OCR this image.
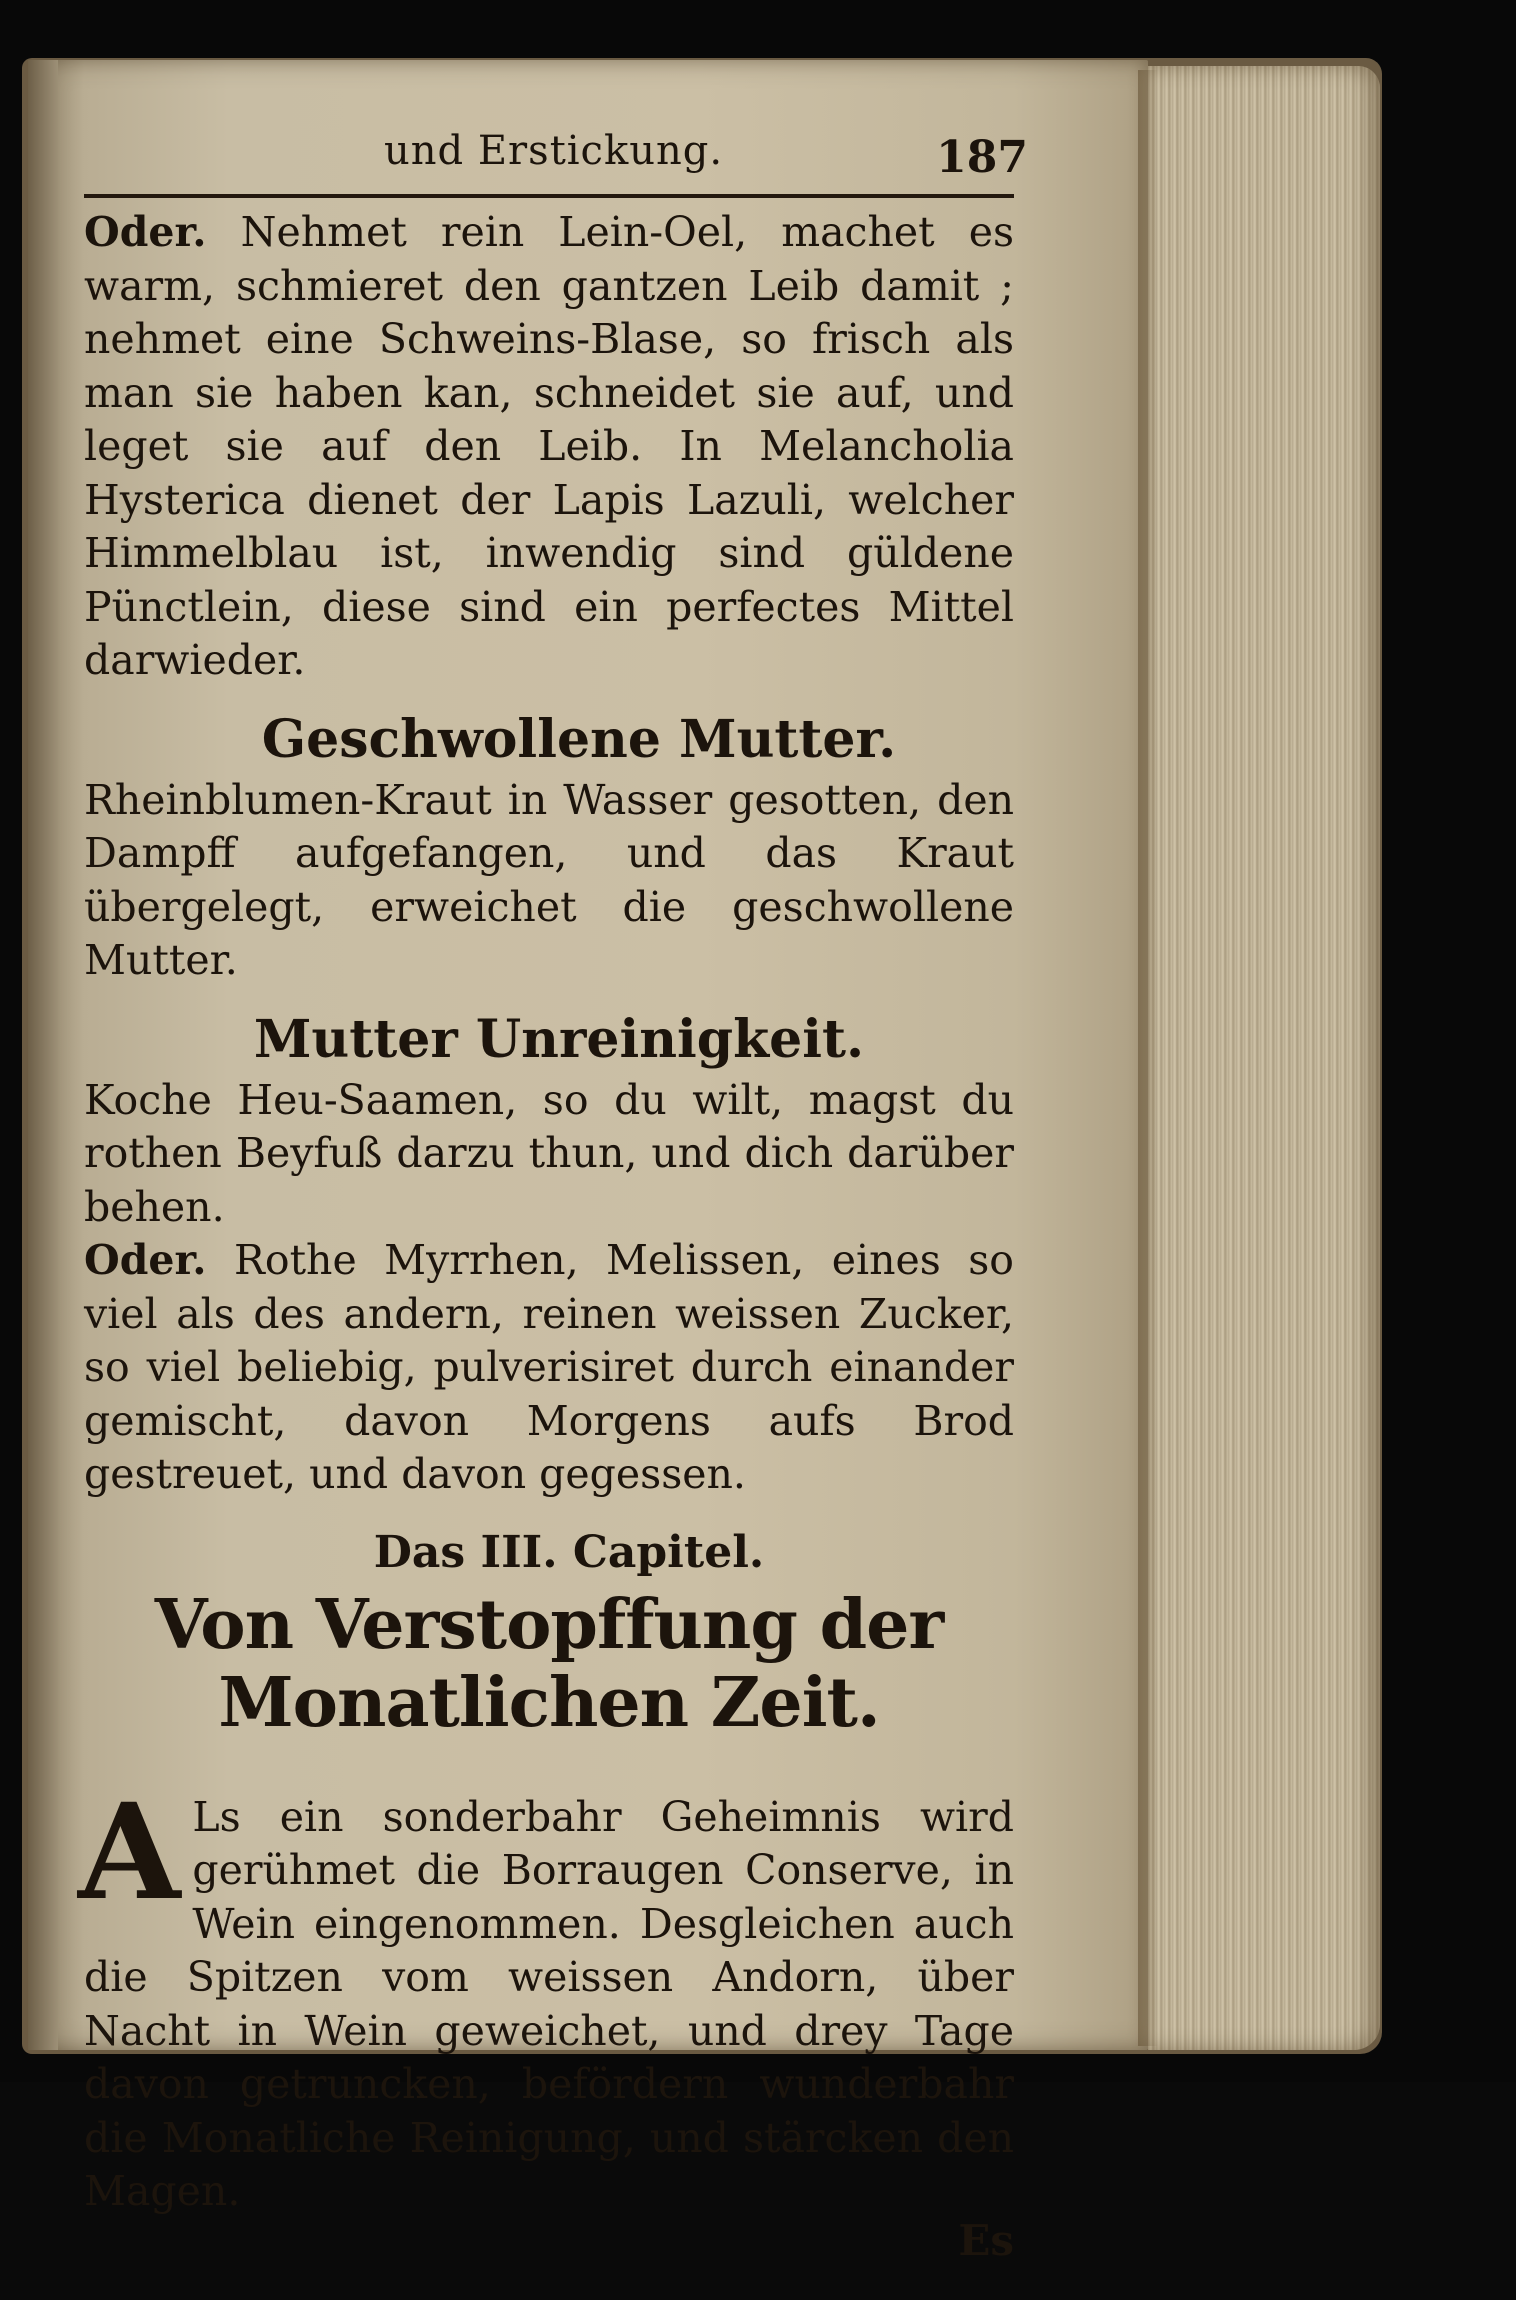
und Erstickung.	187

Oder. Nehmet rein Lein-Oel, machet es warm, schmieret den gantzen Leib damit ; nehmet eine Schweins-Blase, so frisch als man sie haben kan, schneidet sie auf, und leget sie auf den Leib. In Melancholia Hysterica dienet der Lapis Lazuli, welcher Himmelblau ist, inwendig sind güldene Pünctlein, diese sind ein perfectes Mittel darwieder.

Geschwollene Mutter.

Rheinblumen-Kraut in Wasser gesotten, den Dampff aufgefangen, und das Kraut übergelegt, erweichet die geschwollene Mutter.

Mutter Unreinigkeit.

Koche Heu-Saamen, so du wilt, magst du rothen Beyfuß darzu thun, und dich darüber behen.

Oder. Rothe Myrrhen, Melissen, eines so viel als des andern, reinen weissen Zucker, so viel beliebig, pulverisiret durch einander gemischt, davon Morgens aufs Brod gestreuet, und davon gegessen.

Das III. Capitel.

Von Verstopffung der Monatlichen Zeit.

A Ls ein sonderbahr Geheimnis wird gerühmet die Borraugen Conserve, in Wein eingenommen. Desgleichen auch die Spitzen vom weissen Andorn, über Nacht in Wein geweichet, und drey Tage davon getruncken, befördern wunderbahr die Monatliche Reinigung, und stärcken den Magen.

Es
